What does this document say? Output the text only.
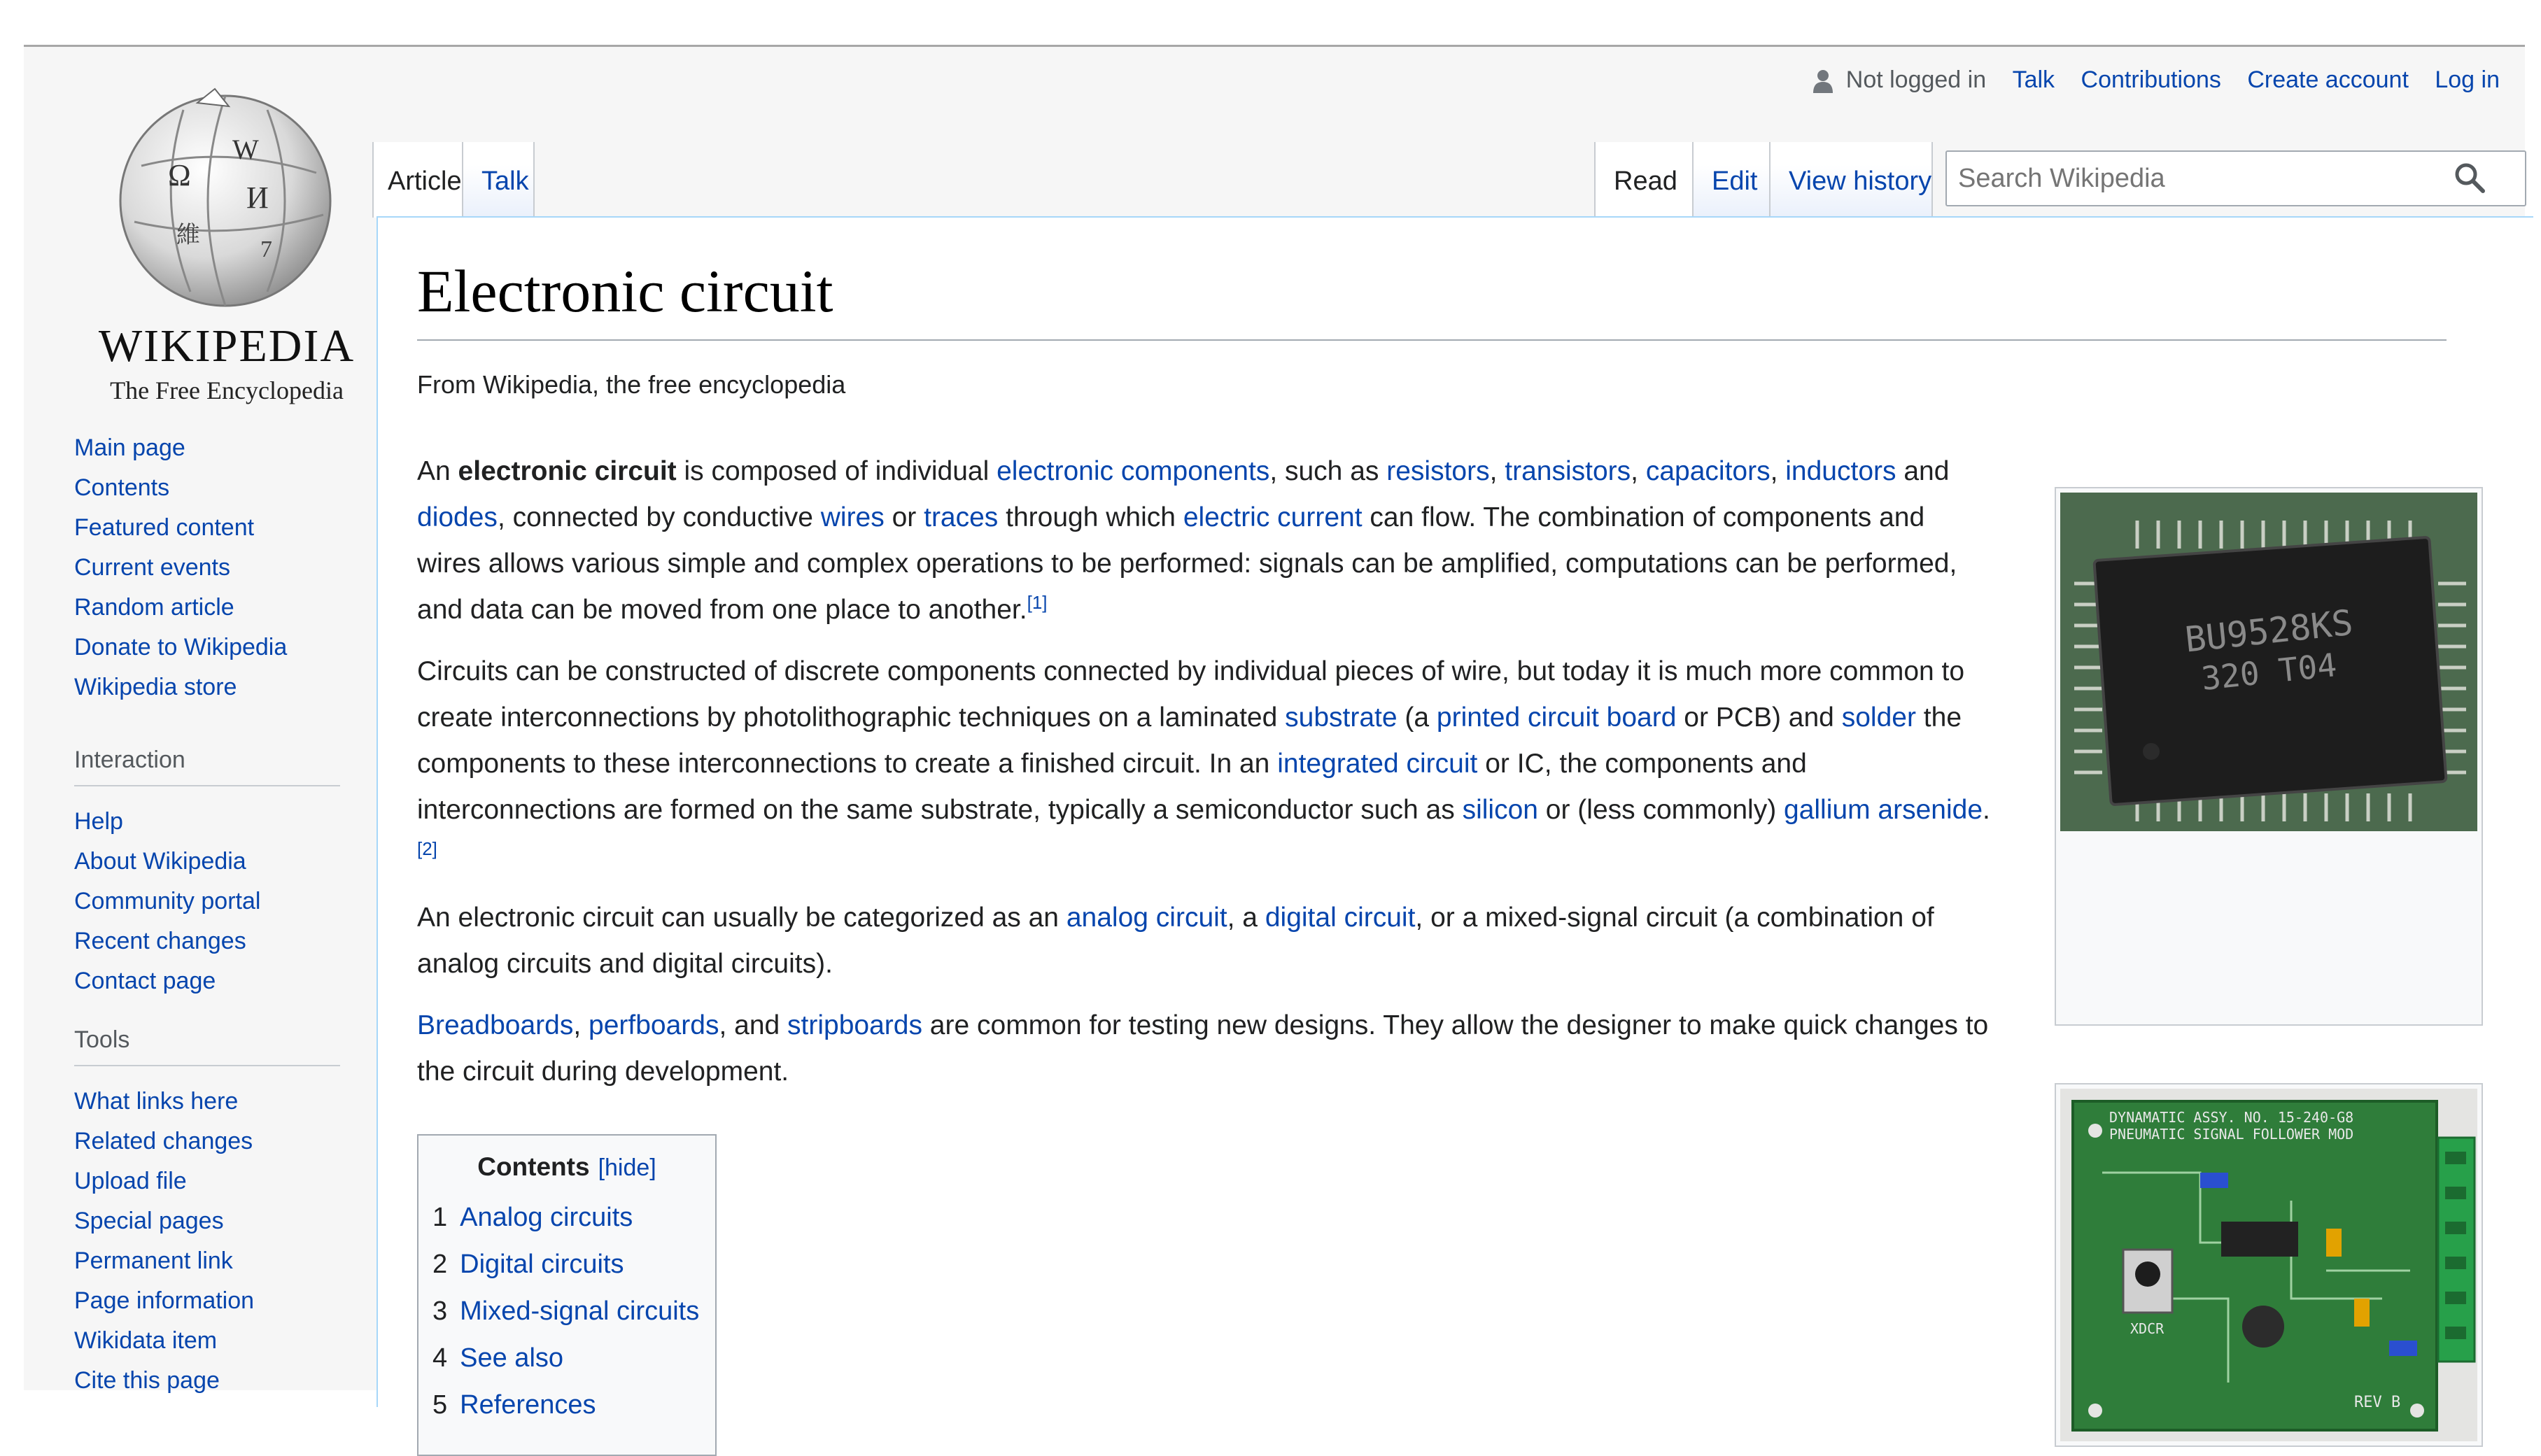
W
Ω
И
維
7
WIKIPEDIA
The Free Encyclopedia
Main page
Contents
Featured content
Current events
Random article
Donate to Wikipedia
Wikipedia store
Interaction
Help
About Wikipedia
Community portal
Recent changes
Contact page
Tools
What links here
Related changes
Upload file
Special pages
Permanent link
Page information
Wikidata item
Cite this page
Not logged in Talk Contributions Create account Log in
Article Talk	Read	Edit	View history
Search Wikipedia
Electronic circuit
From Wikipedia, the free encyclopedia

An electronic circuit is composed of individual electronic components, such as resistors, transistors, capacitors, inductors and diodes, connected by conductive wires or traces through which electric current can flow. The combination of components and wires allows various simple and complex operations to be performed: signals can be amplified, computations can be performed, and data can be moved from one place to another.[1]

Circuits can be constructed of discrete components connected by individual pieces of wire, but today it is much more common to create interconnections by photolithographic techniques on a laminated substrate (a printed circuit board or PCB) and solder the components to these interconnections to create a finished circuit. In an integrated circuit or IC, the components and interconnections are formed on the same substrate, typically a semiconductor such as silicon or (less commonly) gallium arsenide.[2]

An electronic circuit can usually be categorized as an analog circuit, a digital circuit, or a mixed-signal circuit (a combination of analog circuits and digital circuits).

Breadboards, perfboards, and stripboards are common for testing new designs. They allow the designer to make quick changes to the circuit during development.

Contents [hide]
1 Analog circuits
2 Digital circuits
3 Mixed-signal circuits
4 See also
5 References
BU9528KS
320 T04
DYNAMATIC ASSY. NO. 15-240-G8
PNEUMATIC SIGNAL FOLLOWER MOD
XDCR
REV B
